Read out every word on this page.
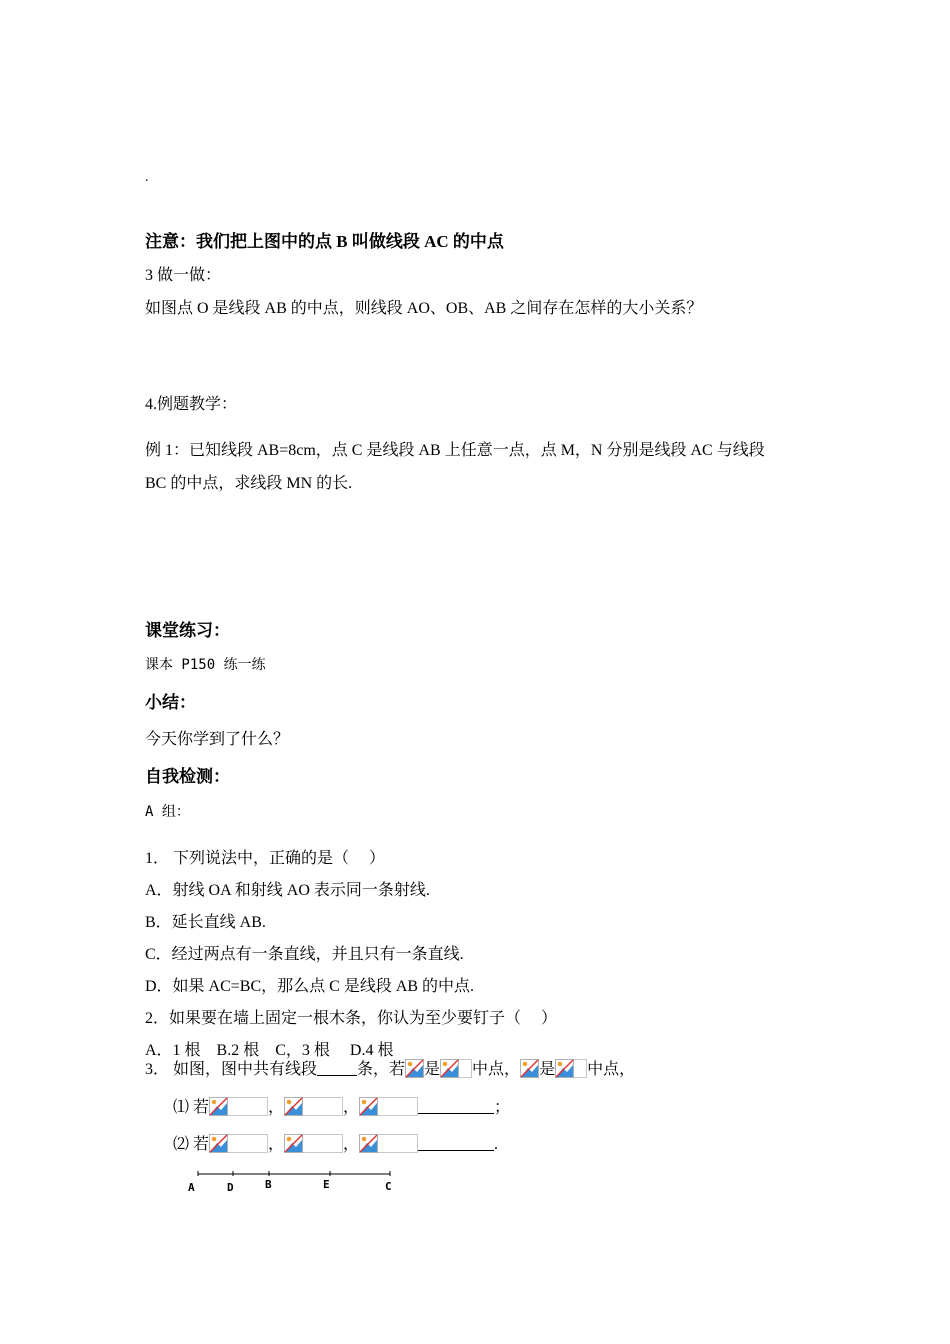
.
注意：我们把上图中的点 B 叫做线段 AC 的中点
3 做一做：
如图点 O 是线段 AB 的中点，则线段 AO、OB、AB 之间存在怎样的大小关系？
4.例题教学：
例 1：已知线段 AB=8cm，点 C 是线段 AB 上任意一点，点 M，N 分别是线段 AC 与线段
BC 的中点，求线段 MN 的长.
课堂练习：
课本 P150 练一练
小结：
今天你学到了什么？
自我检测：
A 组：
1． 下列说法中，正确的是（　 ）
A．射线 OA 和射线 AO 表示同一条射线.
B．延长直线 AB.
C．经过两点有一条直线，并且只有一条直线.
D．如果 AC=BC，那么点 C 是线段 AB 的中点.
2．如果要在墙上固定一根木条，你认为至少要钉子（　 ）
A．1 根　B.2 根　C，3 根　 D.4 根
3． 如图，图中共有线段	条，若 是 中点， 是 中点，
⑴ 若	，	，	；
⑵ 若	，	，	.
A	D	B	E	C
